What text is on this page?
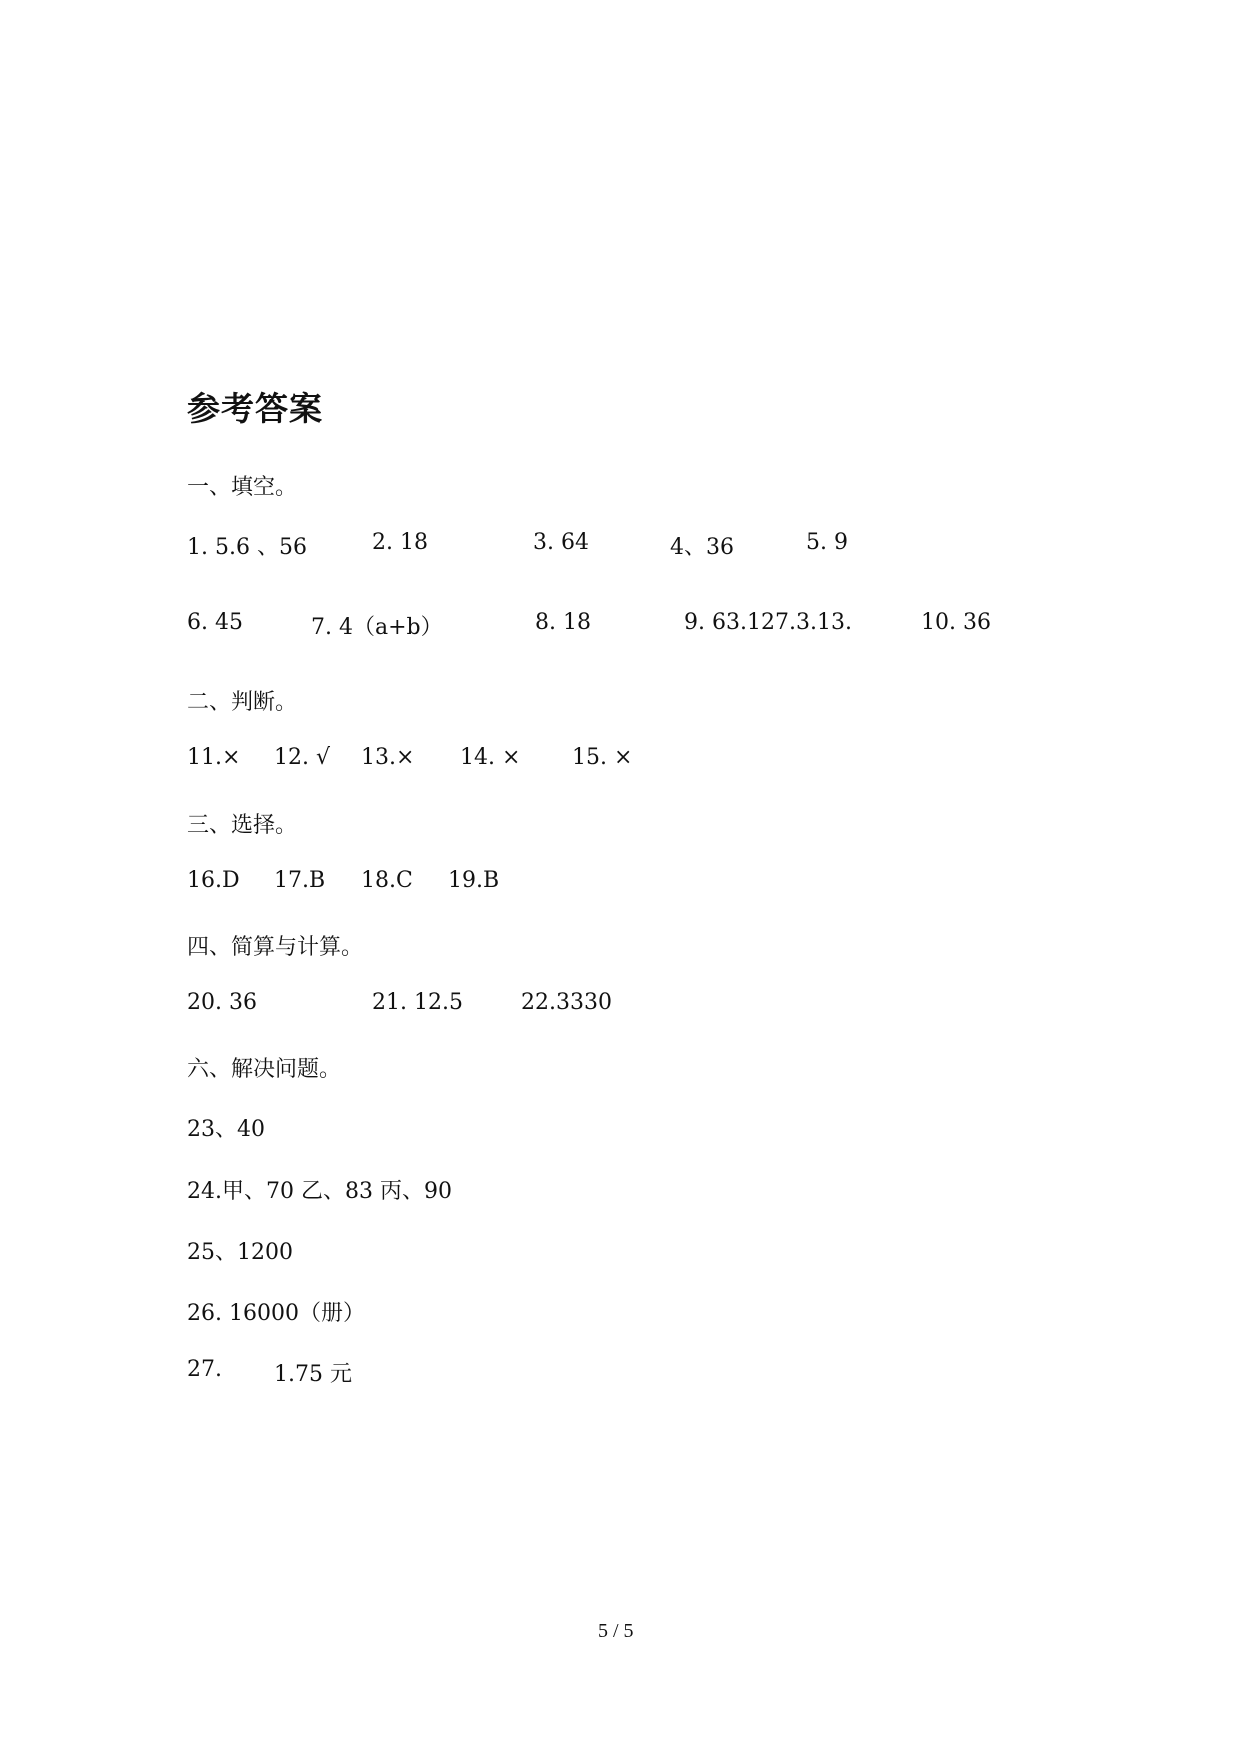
参考答案
一、填空。
1. 5.6 、56	2. 18	3. 64	4、36	5. 9
6. 45	7. 4（a+b）	8. 18	9. 63.127.3.13.	10. 36
二、判断。
11.× 12. √ 13.× 14. × 15. ×
三、选择。
16.D 17.B 18.C 19.B
四、简算与计算。
20. 36	21. 12.5	22.3330
六、解决问题。
23、40
24.甲、70 乙、83 丙、90
25、1200
26. 16000（册）
27. 1.75 元
5 / 5
